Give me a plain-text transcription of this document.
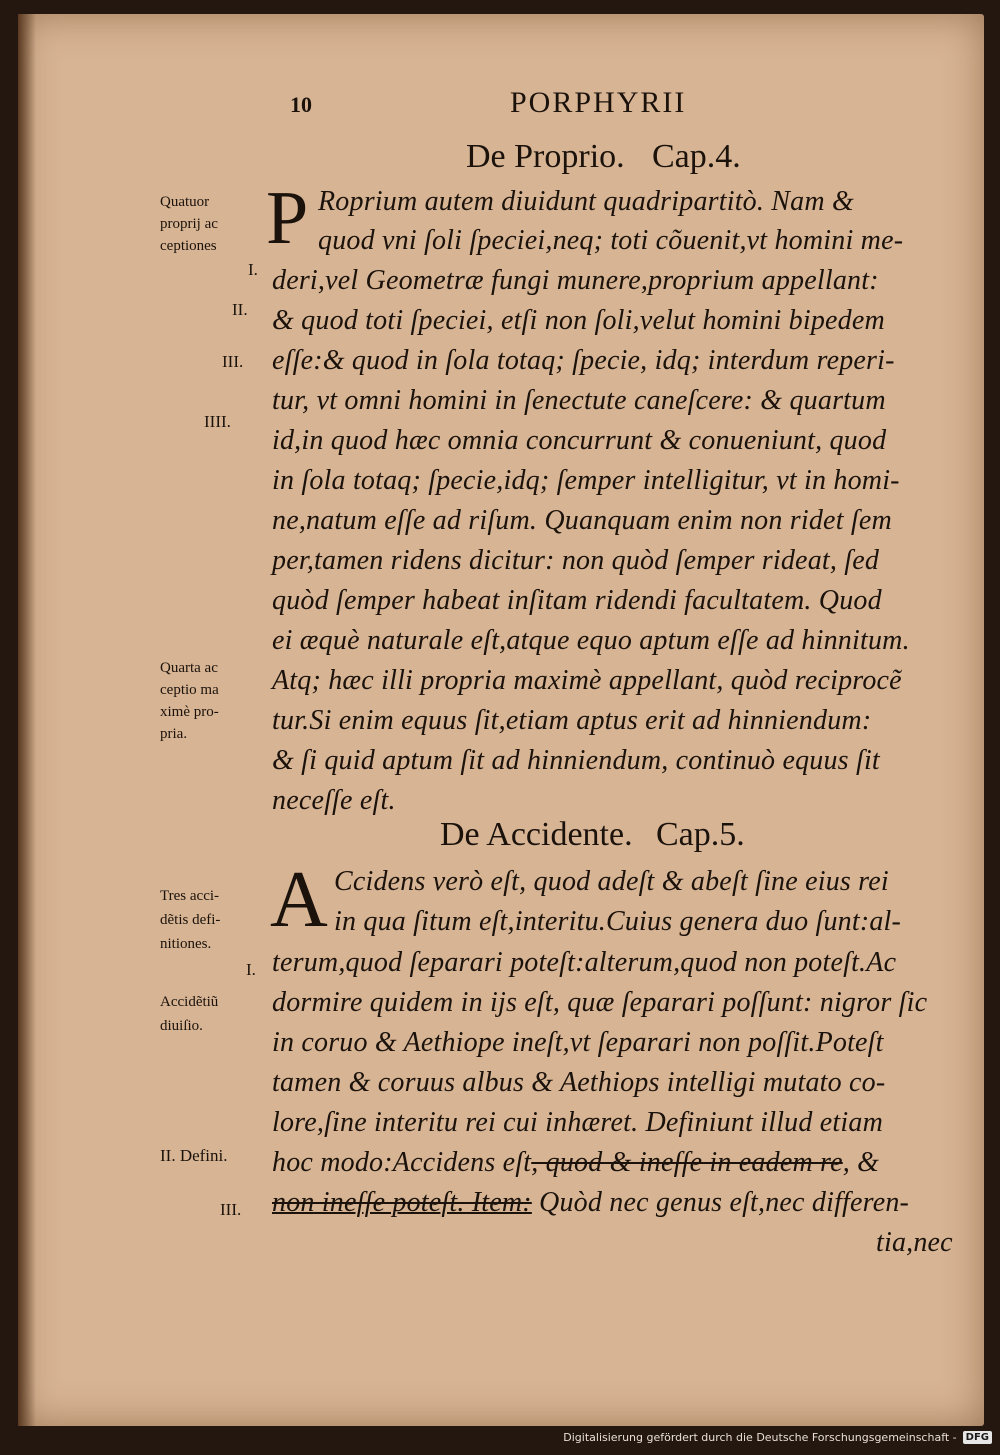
10	PORPHYRII
De Proprio. Cap.4.
P Roprium autem diuidunt quadripartitò. Nam &
quod vni ſoli ſpeciei,neq; toti cõuenit,vt homini me-
deri,vel Geometræ fungi munere,proprium appellant:
& quod toti ſpeciei, etſi non ſoli,velut homini bipedem
eſſe:& quod in ſola totaq; ſpecie, idq; interdum reperi-
tur, vt omni homini in ſenectute caneſcere: & quartum
id,in quod hæc omnia concurrunt & conueniunt, quod
in ſola totaq; ſpecie,idq; ſemper intelligitur, vt in homi-
ne,natum eſſe ad riſum. Quanquam enim non ridet ſem
per,tamen ridens dicitur: non quòd ſemper rideat, ſed
quòd ſemper habeat inſitam ridendi facultatem. Quod
ei æquè naturale eſt,atque equo aptum eſſe ad hinnitum.
Atq; hæc illi propria maximè appellant, quòd reciprocẽ
tur.Si enim equus ſit,etiam aptus erit ad hinniendum:
& ſi quid aptum ſit ad hinniendum, continuò equus ſit
neceſſe eſt.
Quatuor
proprij ac
ceptiones
I.
II.
III.
IIII.
Quarta ac
ceptio ma
ximè pro-
pria.
De Accidente. Cap.5.
A Ccidens verò eſt, quod adeſt & abeſt ſine eius rei
in qua ſitum eſt,interitu.Cuius genera duo ſunt:al-
terum,quod ſeparari poteſt:alterum,quod non poteſt.Ac
dormire quidem in ijs eſt, quæ ſeparari poſſunt: nigror ſic
in coruo & Aethiope ineſt,vt ſeparari non poſſit.Poteſt
tamen & coruus albus & Aethiops intelligi mutato co-
lore,ſine interitu rei cui inhæret. Definiunt illud etiam
hoc modo:Accidens eſt, quod & ineſſe in eadem re, &
non ineſſe poteſt. Item: Quòd nec genus eſt,nec differen-
tia,nec
Tres acci-
dẽtis defi-
nitiones.
I.
Accidẽtiũ
diuiſio.
II. Defini.
III.
Digitalisierung gefördert durch die Deutsche Forschungsgemeinschaft - DFG
